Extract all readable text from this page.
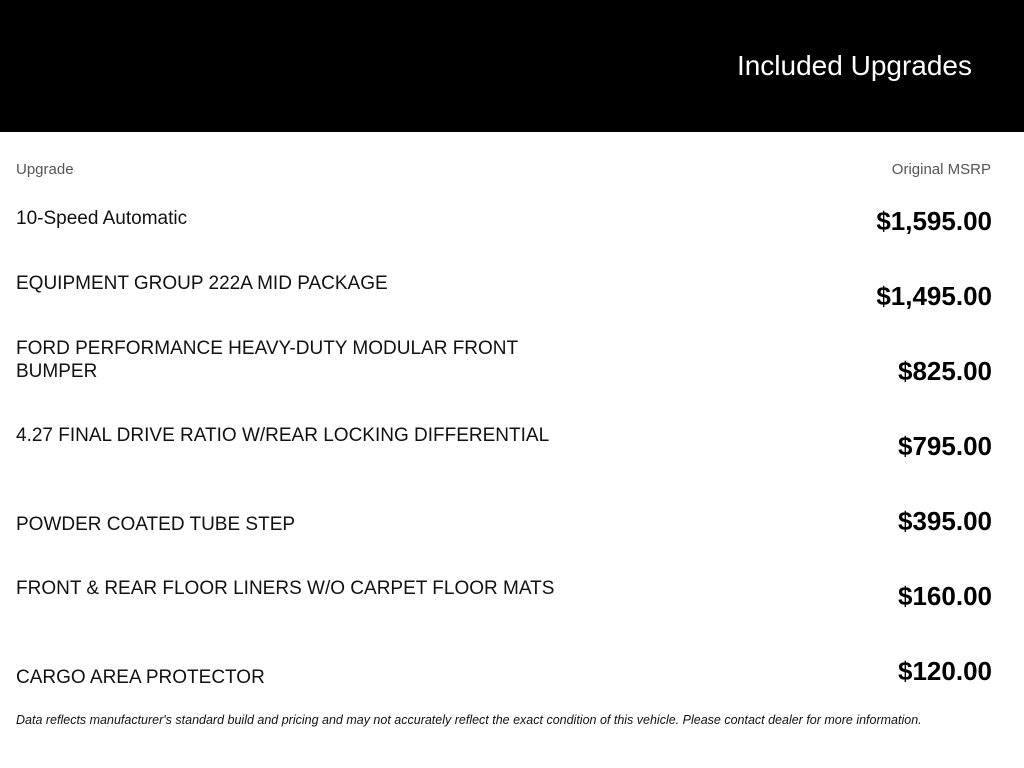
Included Upgrades
Upgrade	Original MSRP
10-Speed Automatic	$1,595.00
EQUIPMENT GROUP 222A MID PACKAGE	$1,495.00
FORD PERFORMANCE HEAVY-DUTY MODULAR FRONT BUMPER	$825.00
4.27 FINAL DRIVE RATIO W/REAR LOCKING DIFFERENTIAL	$795.00
POWDER COATED TUBE STEP	$395.00
FRONT & REAR FLOOR LINERS W/O CARPET FLOOR MATS	$160.00
CARGO AREA PROTECTOR	$120.00
Data reflects manufacturer's standard build and pricing and may not accurately reflect the exact condition of this vehicle. Please contact dealer for more information.
